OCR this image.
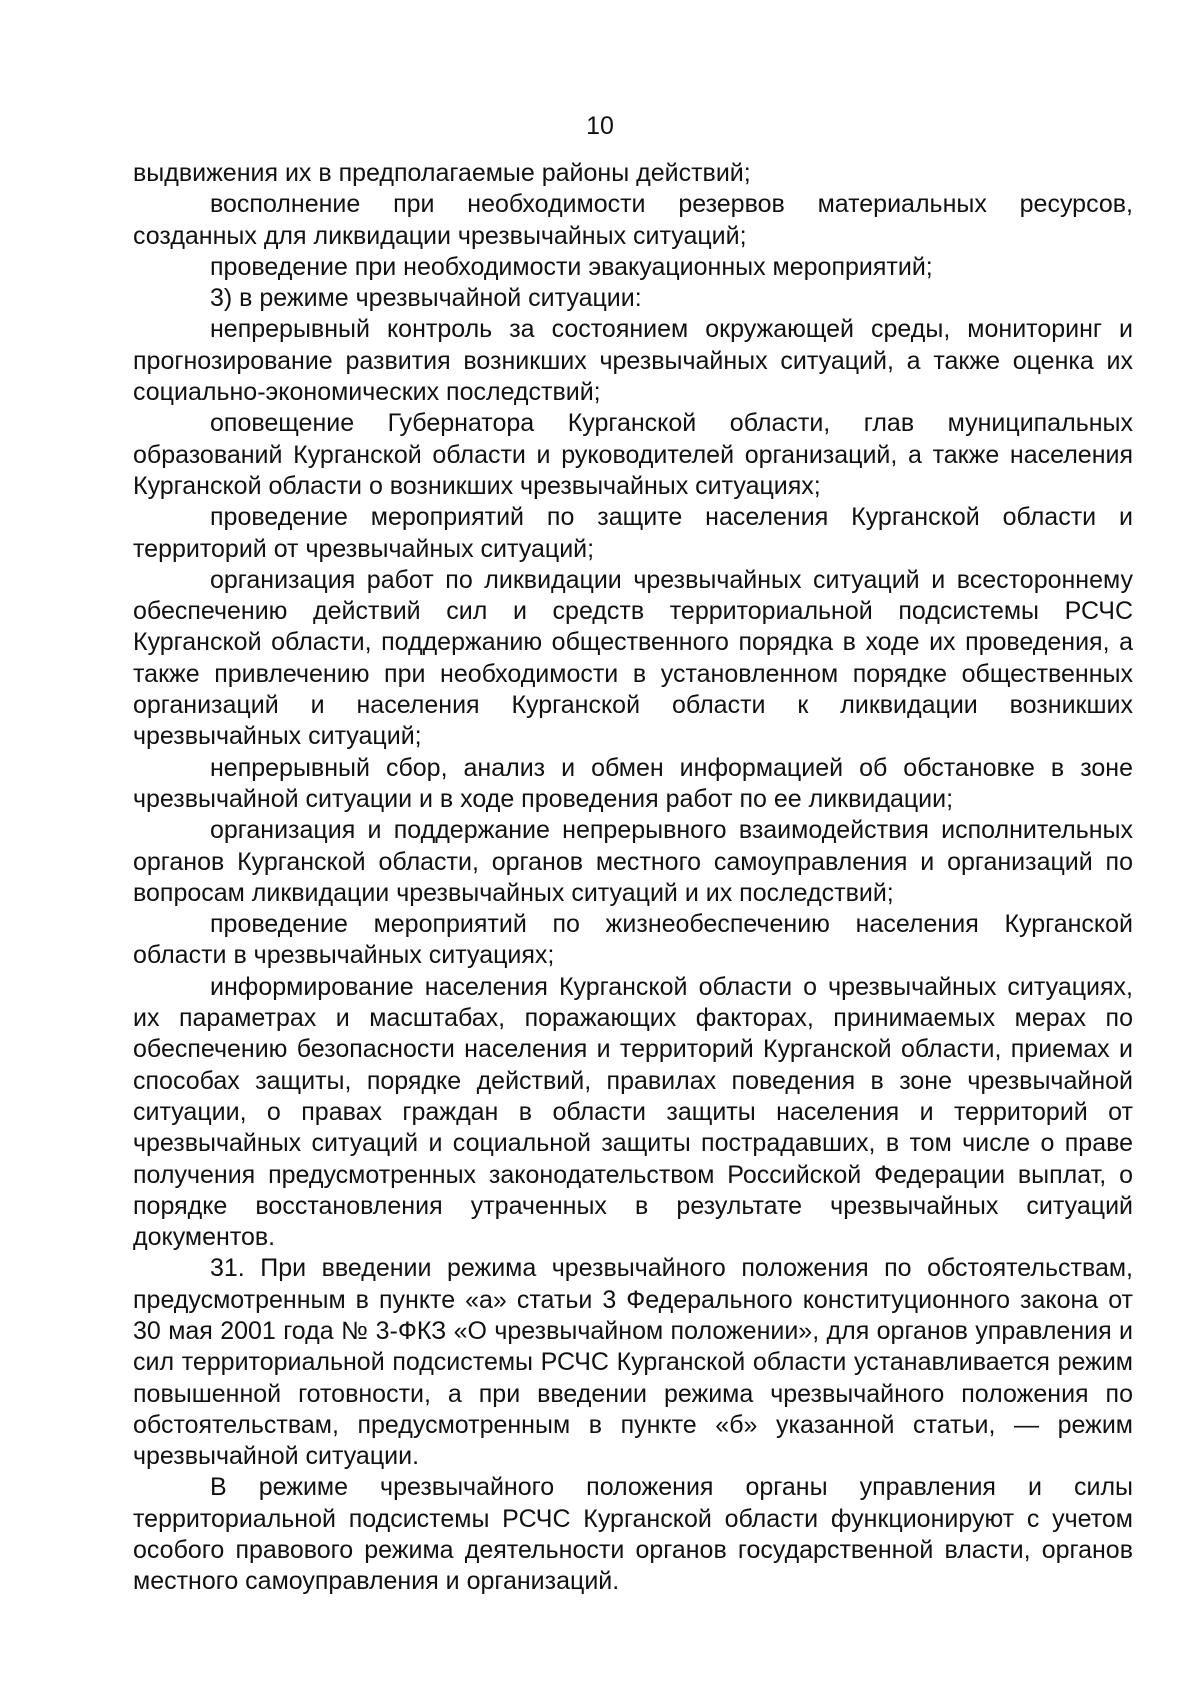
10

выдвижения их в предполагаемые районы действий;

восполнение при необходимости резервов материальных ресурсов, созданных для ликвидации чрезвычайных ситуаций;

проведение при необходимости эвакуационных мероприятий;

3) в режиме чрезвычайной ситуации:

непрерывный контроль за состоянием окружающей среды, мониторинг и прогнозирование развития возникших чрезвычайных ситуаций, а также оценка их социально-экономических последствий;

оповещение Губернатора Курганской области, глав муниципальных образований Курганской области и руководителей организаций, а также населения Курганской области о возникших чрезвычайных ситуациях;

проведение мероприятий по защите населения Курганской области и территорий от чрезвычайных ситуаций;

организация работ по ликвидации чрезвычайных ситуаций и всестороннему обеспечению действий сил и средств территориальной подсистемы РСЧС Курганской области, поддержанию общественного порядка в ходе их проведения, а также привлечению при необходимости в установленном порядке общественных организаций и населения Курганской области к ликвидации возникших чрезвычайных ситуаций;

непрерывный сбор, анализ и обмен информацией об обстановке в зоне чрезвычайной ситуации и в ходе проведения работ по ее ликвидации;

организация и поддержание непрерывного взаимодействия исполнительных органов Курганской области, органов местного самоуправления и организаций по вопросам ликвидации чрезвычайных ситуаций и их последствий;

проведение мероприятий по жизнеобеспечению населения Курганской области в чрезвычайных ситуациях;

информирование населения Курганской области о чрезвычайных ситуациях, их параметрах и масштабах, поражающих факторах, принимаемых мерах по обеспечению безопасности населения и территорий Курганской области, приемах и способах защиты, порядке действий, правилах поведения в зоне чрезвычайной ситуации, о правах граждан в области защиты населения и территорий от чрезвычайных ситуаций и социальной защиты пострадавших, в том числе о праве получения предусмотренных законодательством Российской Федерации выплат, о порядке восстановления утраченных в результате чрезвычайных ситуаций документов.

31. При введении режима чрезвычайного положения по обстоятельствам, предусмотренным в пункте «а» статьи 3 Федерального конституционного закона от 30 мая 2001 года № 3-ФКЗ «О чрезвычайном положении», для органов управления и сил территориальной подсистемы РСЧС Курганской области устанавливается режим повышенной готовности, а при введении режима чрезвычайного положения по обстоятельствам, предусмотренным в пункте «б» указанной статьи, — режим чрезвычайной ситуации.

В режиме чрезвычайного положения органы управления и силы территориальной подсистемы РСЧС Курганской области функционируют с учетом особого правового режима деятельности органов государственной власти, органов местного самоуправления и организаций.
